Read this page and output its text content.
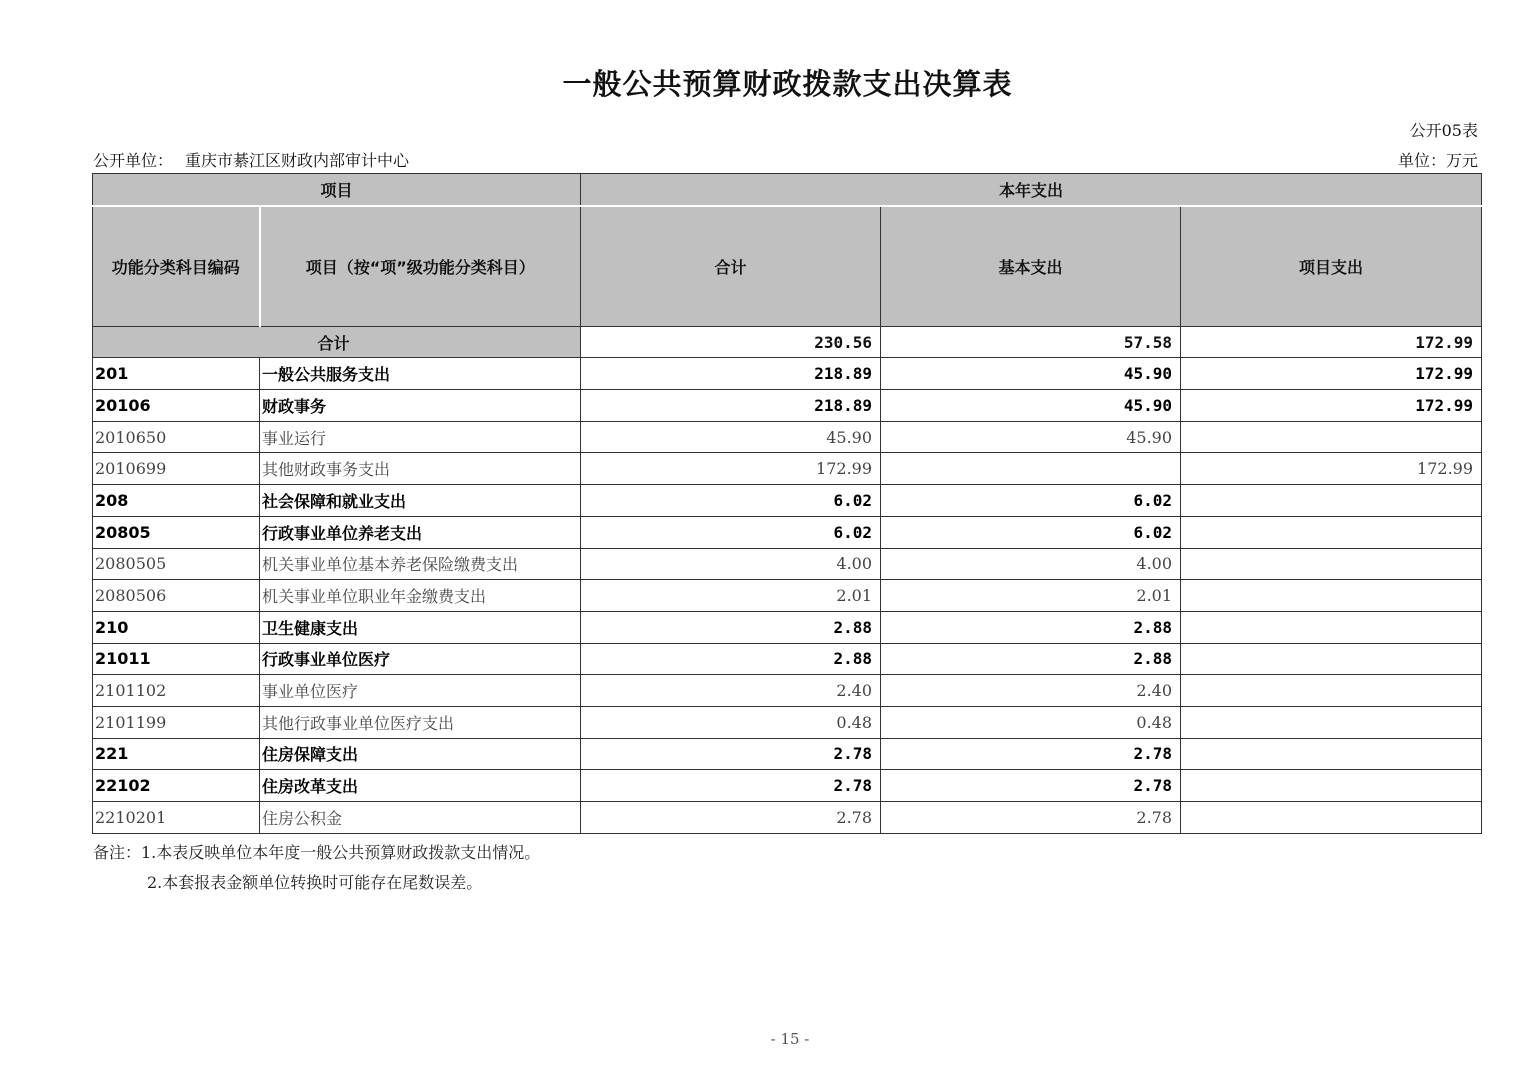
一般公共预算财政拨款支出决算表
公开05表
公开单位： 重庆市綦江区财政内部审计中心	单位：万元
项目		本年支出		
功能分类科目编码	项目（按“项”级功能分类科目）	合计	基本支出	项目支出
合计		230.56	57.58	172.99
201	一般公共服务支出	218.89	45.90	172.99
20106	财政事务	218.89	45.90	172.99
2010650	事业运行	45.90	45.90	
2010699	其他财政事务支出	172.99		172.99
208	社会保障和就业支出	6.02	6.02	
20805	行政事业单位养老支出	6.02	6.02	
2080505	机关事业单位基本养老保险缴费支出	4.00	4.00	
2080506	机关事业单位职业年金缴费支出	2.01	2.01	
210	卫生健康支出	2.88	2.88	
21011	行政事业单位医疗	2.88	2.88	
2101102	事业单位医疗	2.40	2.40	
2101199	其他行政事业单位医疗支出	0.48	0.48	
221	住房保障支出	2.78	2.78	
22102	住房改革支出	2.78	2.78	
2210201	住房公积金	2.78	2.78	
备注：1.本表反映单位本年度一般公共预算财政拨款支出情况。
2.本套报表金额单位转换时可能存在尾数误差。
- 15 -
